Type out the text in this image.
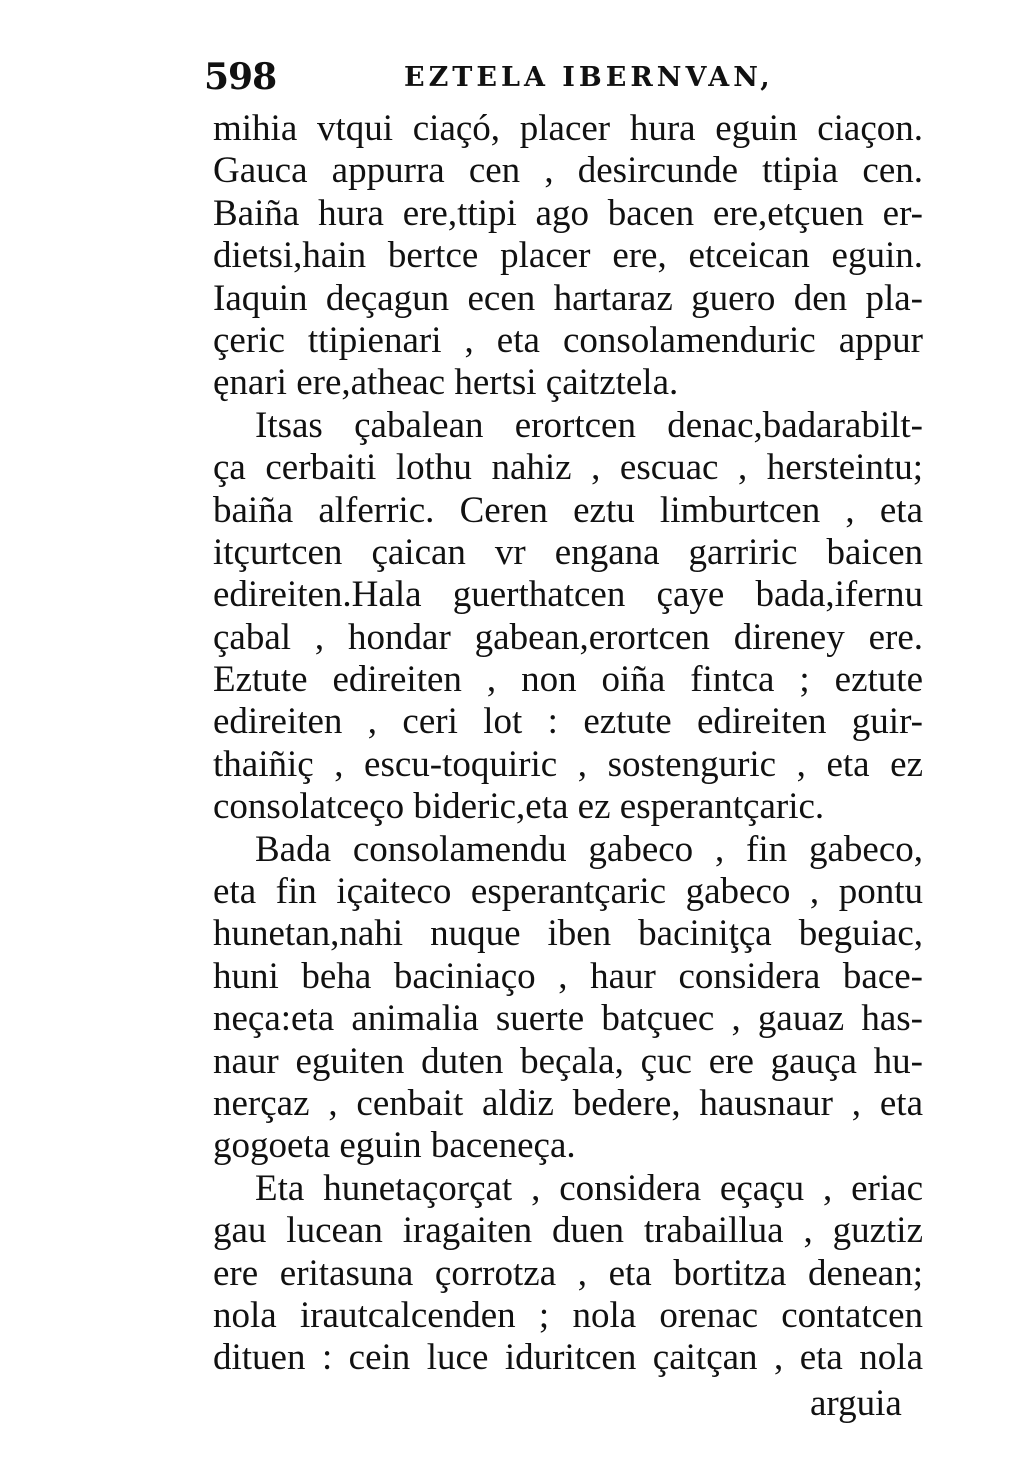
598	EZTELA IBERNVAN,
mihia vtqui ciaçó, placer hura eguin ciaçon.
Gauca appurra cen , desircunde ttipia cen.
Baiña hura ere,ttipi ago bacen ere,etçuen er-
dietsi,hain bertce placer ere, etceican eguin.
Iaquin deçagun ecen hartaraz guero den pla-
çeric ttipienari , eta consolamenduric appur
ęnari ere,atheac hertsi çaitztela.
Itsas çabalean erortcen denac,badarabilt-
ça cerbaiti lothu nahiz , escuac , hersteintu;
baiña alferric. Ceren eztu limburtcen , eta
itçurtcen çaican vr engana garriric baicen
edireiten.Hala guerthatcen çaye bada,ifernu
çabal , hondar gabean,erortcen direney ere.
Eztute edireiten , non oiña fintca ; eztute
edireiten , ceri lot : eztute edireiten guir-
thaiñiç , escu-toquiric , sostenguric , eta ez
consolatceço bideric,eta ez esperantçaric.
Bada consolamendu gabeco , fin gabeco,
eta fin içaiteco esperantçaric gabeco , pontu
hunetan,nahi nuque iben baciniţça beguiac,
huni beha baciniaço , haur considera bace-
neça:eta animalia suerte batçuec , gauaz has-
naur eguiten duten beçala, çuc ere gauça hu-
nerçaz , cenbait aldiz bedere, hausnaur , eta
gogoeta eguin baceneça.
Eta hunetaçorçat , considera eçaçu , eriac
gau lucean iragaiten duen trabaillua , guztiz
ere eritasuna çorrotza , eta bortitza denean;
nola irautcalcenden ; nola orenac contatcen
dituen : cein luce iduritcen çaitçan , eta nola
arguia
